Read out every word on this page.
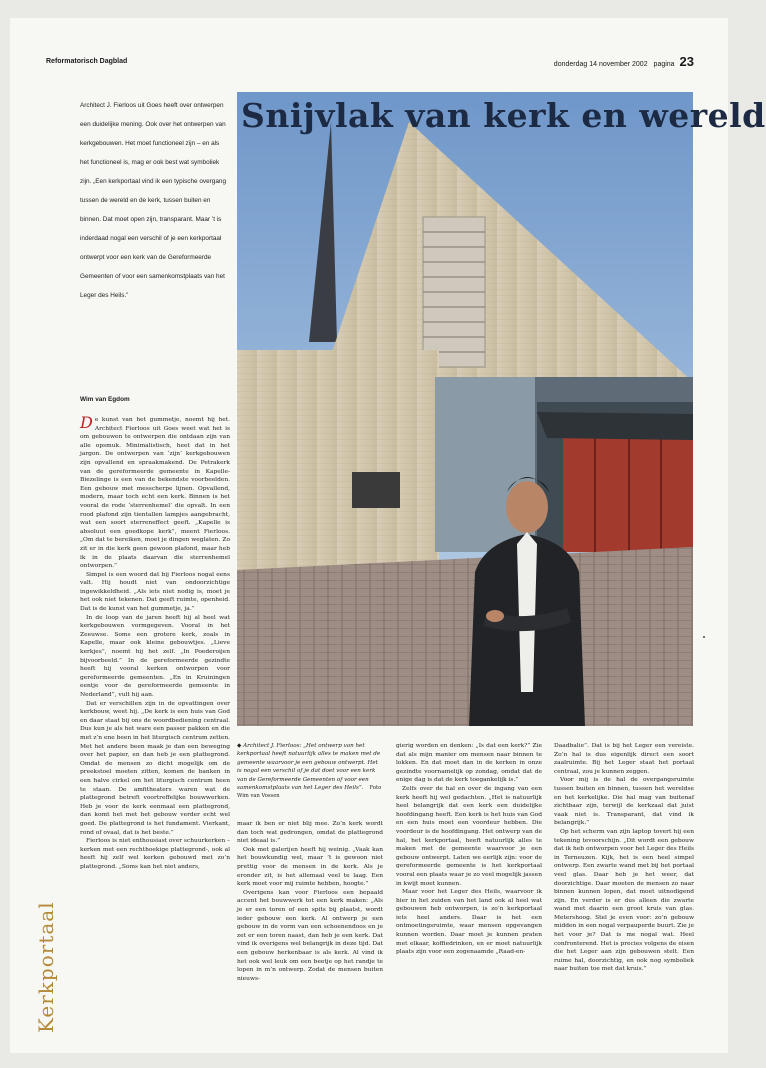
Reformatorisch Dagblad	donderdag 14 november 2002 pagina 23
Architect J. Fierloos uit Goes heeft over ontwerpen een duidelijke mening. Ook over het ontwerpen van kerkgebouwen. Het moet functioneel zijn – en als het functioneel is, mag er ook best wat symboliek zijn. „Een kerkportaal vind ik een typische overgang tussen de wereld en de kerk, tussen buiten en binnen. Dat moet open zijn, transparant. Maar ’t is inderdaad nogal een verschil of je een kerkportaal ontwerpt voor een kerk van de Gereformeerde Gemeenten of voor een samenkomstplaats van het Leger des Heils.”
Wim van Egdom
Snijvlak van kerk en wereld

De kunst van het gummetje, noemt hij het. Architect Fierloos uit Goes weet wat het is om gebouwen te ontwerpen die ontdaan zijn van alle opsmuk. Minimalistisch, heet dat in het jargon. De ontwerpen van ‘zijn’ kerkgebouwen zijn opvallend en spraakmakend. De Petrakerk van de gereformeerde gemeente in Kapelle-Biezelinge is een van de bekendste voorbeelden. Een gebouw met messcherpe lijnen. Opvallend, modern, maar toch echt een kerk. Binnen is het vooral de rode ‘sterrenhemel’ die opvalt. In een rood plafond zijn tientallen lampjes aangebracht, wat een soort sterreneffect geeft. „Kapelle is absoluut een goedkope kerk”, meent Fierloos. „Om dat te bereiken, moet je dingen weglaten. Zo zit er in die kerk geen gewoon plafond, maar heb ik in de plaats daarvan die sterrenhemel ontworpen.”

Simpel is een woord dat bij Fierloos nogal eens valt. Hij houdt niet van ondoorzichtige ingewikkeldheid. „Als iets niet nodig is, moet je het ook niet tekenen. Dat geeft ruimte, openheid. Dat is de kunst van het gummetje, ja.”

In de loop van de jaren heeft hij al heel wat kerkgebouwen vormgegeven. Vooral in het Zeeuwse. Soms een grotere kerk, zoals in Kapelle, maar ook kleine gebouwtjes. „Lieve kerkjes”, noemt hij het zelf. „In Poederoijen bijvoorbeeld.” In de gereformeerde gezindte heeft hij vooral kerken ontworpen voor gereformeerde gemeenten. „En in Kruiningen eentje voor de gereformeerde gemeente in Nederland”, vult hij aan.

Dat er verschillen zijn in de opvattingen over kerkbouw, weet hij. „De kerk is een huis van God en daar staat bij ons de woordbediening centraal. Dus kun je als het ware een passer pakken en die met z’n ene been in het liturgisch centrum zetten. Met het andere been maak je dan een beweging over het papier, en dan heb je een plattegrond. Omdat de mensen zo dicht mogelijk om de preekstoel moeten zitten, komen de banken in een halve cirkel om het liturgisch centrum heen te staan. De amfitheaters waren wat de plattegrond betreft voortreffelijke bouwwerken. Heb je voor de kerk eenmaal een plattegrond, dan komt het met het gebouw verder echt wel goed. De plattegrond is het fundament. Vierkant, rond of ovaal, dat is het beste.”

Fierloos is niet enthousiast over schuurkerken –kerken met een rechthoekige plattegrond-, ook al heeft hij zelf wel kerken gebouwd met zo’n plattegrond. „Soms kan het niet anders,

◆ Architect J. Fierloos: „Het ontwerp van het kerkportaal heeft natuurlijk alles te maken met de gemeente waarvoor je een gebouw ontwerpt. Het is nogal een verschil of je dat doet voor een kerk van de Gereformeerde Gemeenten of voor een samenkomstplaats van het Leger des Heils”. Foto Wim van Vossen

maar ik ben er niet blij mee. Zo’n kerk wordt dan toch wat gedrongen, omdat de plattegrond niet ideaal is.”

Ook met galerijen heeft hij weinig. „Vaak kan het bouwkundig wel, maar ’t is gewoon niet prettig voor de mensen in de kerk. Als je eronder zit, is het allemaal veel te laag. Een kerk moet voor mij ruimte hebben, hoogte.”

Overigens kan voor Fierloos een bepaald accent het bouwwerk tot een kerk maken: „Als je er een toren of een spits bij plaatst, wordt ieder gebouw een kerk. Al ontwerp je een gebouw in de vorm van een schoenendoos en je zet er een toren naast, dan heb je een kerk. Dat vind ik overigens wel belangrijk in deze tijd. Dat een gebouw herkenbaar is als kerk. Al vind ik het ook wel leuk om een beetje op het randje te lopen in m’n ontwerp. Zodat de mensen buiten nieuws-

gierig worden en denken: „Is dat een kerk?” Zie dat als mijn manier om mensen naar binnen te lokken. En dat moet dan in de kerken in onze gezindte voornamelijk op zondag, omdat dat de enige dag is dat de kerk toegankelijk is.”

Zelfs over de hal en over de ingang van een kerk heeft hij wel gedachten. „Het is natuurlijk heel belangrijk dat een kerk een duidelijke hoofdingang heeft. Een kerk is het huis van God en een huis moet een voordeur hebben. Die voordeur is de hoofdingang. Het ontwerp van de hal, het kerkportaal, heeft natuurlijk alles te maken met de gemeente waarvoor je een gebouw ontwerpt. Laten we eerlijk zijn: voor de gereformeerde gemeente is het kerkportaal vooral een plaats waar je zo veel mogelijk jassen in kwijt moet kunnen.

Maar voor het Leger des Heils, waarvoor ik hier in het zuiden van het land ook al heel wat gebouwen heb ontworpen, is zo’n kerkportaal iets heel anders. Daar is het een ontmoetingsruimte, waar mensen opgevangen kunnen worden. Daar moet je kunnen praten met elkaar, koffiedrinken, en er moet natuurlijk plaats zijn voor een zogenaamde „Raad-en-

Daadbalie”. Dat is bij het Leger een vereiste. Zo’n hal is dus eigenlijk direct een soort zaalruimte. Bij het Leger staat het portaal centraal, zou je kunnen zeggen.

Voor mij is de hal de overgangsruimte tussen buiten en binnen, tussen het wereldse en het kerkelijke. Die hal mag van buitenaf zichtbaar zijn, terwijl de kerkzaal dat juist vaak niet is. Transparant, dat vind ik belangrijk.”

Op het scherm van zijn laptop tovert hij een tekening tevoorschijn. „Dit wordt een gebouw dat ik heb ontworpen voor het Leger des Heils in Terneuzen. Kijk, het is een heel simpel ontwerp. Een zwarte wand met bij het portaal veel glas. Daar heb je het weer, dat doorzichtige. Daar moeten de mensen zo naar binnen kunnen lopen, dat moet uitnodigend zijn. En verder is er dus alleen die zwarte wand met daarin een groot kruis van glas. Metershoog. Stel je even voor: zo’n gebouw midden in een nogal verpauperde buurt. Zie je het voor je? Dat is me nogal wat. Heel confronterend. Het is precies volgens de eisen die het Leger aan zijn gebouwen stelt. Een ruime hal, doorzichtig, en ook nog symboliek naar buiten toe met dat kruis.”

Kerkportaal
